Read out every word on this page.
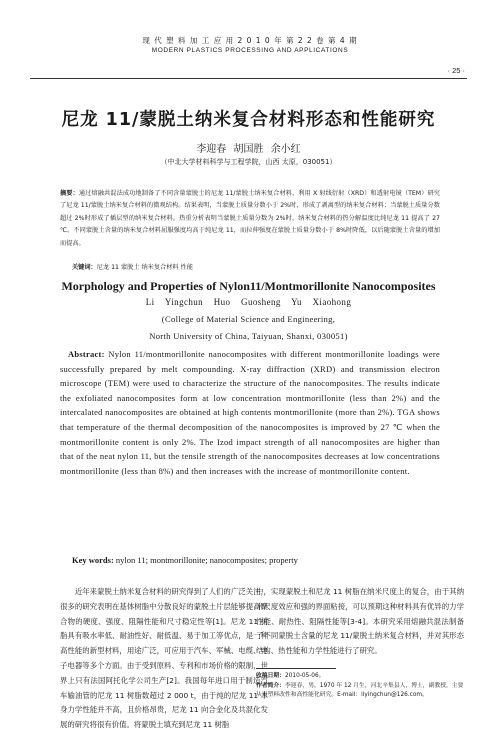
现 代 塑 料 加 工 应 用 2 0 1 0 年 第 2 2 卷 第 4 期
MODERN PLASTICS PROCESSING AND APPLICATIONS
· 25 ·
尼龙 11/蒙脱土纳米复合材料形态和性能研究
李迎春 胡国胜 余小红
（中北大学材料科学与工程学院，山西 太原，030051）
摘要：通过熔融共混法成功地制备了不同含量蒙脱土的尼龙 11/蒙脱土纳米复合材料，利用 X 射线衍射（XRD）和透射电镜（TEM）研究了尼龙 11/蒙脱土纳米复合材料的微观结构。结果表明，当蒙脱土质量分数小于 2%时，形成了剥离型的纳米复合材料；当蒙脱土质量分数超过 2%时形成了插层型的纳米复合材料。热重分析表明当蒙脱土质量分数为 2%时，纳米复合材料的热分解温度比纯尼龙 11 提高了 27 ℃。不同蒙脱土含量的纳米复合材料屈服强度均高于纯尼龙 11，而拉伸强度在蒙脱土质量分数小于 8%时降低，以后随蒙脱土含量的增加而提高。
关键词：尼龙 11 蒙脱土 纳米复合材料 性能
Morphology and Properties of Nylon11/Montmorillonite Nanocomposites
Li Yingchun Huo Guosheng Yu Xiaohong
(College of Material Science and Engineering,
North University of China, Taiyuan, Shanxi, 030051)
Abstract: Nylon 11/montmorillonite nanocomposites with different montmorillonite loadings were successfully prepared by melt compounding. X-ray diffraction (XRD) and transmission electron microscope (TEM) were used to characterize the structure of the nanocomposites. The results indicate the exfoliated nanocomposites form at low concentration montmorillonite (less than 2%) and the intercalated nanocomposites are obtained at high contents montmorillonite (more than 2%). TGA shows that temperature of the thermal decomposition of the nanocomposites is improved by 27 ℃ when the montmorillonite content is only 2%. The Izod impact strength of all nanocomposites are higher than that of the neat nylon 11, but the tensile strength of the nanocomposites decreases at low concentrations montmorillonite (less than 8%) and then increases with the increase of montmorillonite content.
Key words: nylon 11; montmorillonite; nanocomposites; property
近年来蒙脱土纳米复合材料的研究得到了人们的广泛关注，很多的研究表明在基体树脂中分散良好的蒙脱土片层能够提高聚合物的硬度、强度、阻隔性能和尺寸稳定性等[1]。尼龙 11 树脂具有吸水率低、耐油性好、耐低温、易于加工等优点，是一种高性能的新型材料，用途广泛，可应用于汽车、军械、电缆、电子电器等多个方面。由于受到原料、专利和市场价格的限制，世界上只有法国阿托化学公司生产[2]。我国每年进口用于制造汽车输油管的尼龙 11 树脂数超过 2 000 t，由于纯的尼龙 11 本身力学性能并不高，且价格昂贵，尼龙 11 向合金化及共混化发展的研究将很有价值。将蒙脱土填充到尼龙 11 树脂
中，实现蒙脱土和尼龙 11 树脂在纳米尺度上的复合，由于其纳米尺度效应和强的界面粘接，可以预期这种材料具有优异的力学性能、耐热性、阻隔性能等[3-4]。本研究采用熔融共混法制备了不同蒙脱土含量的尼龙 11/蒙脱土纳米复合材料，并对其形态结构、热性能和力学性能进行了研究。
收稿日期：2010-05-06。
作者简介：李迎春，男，1970 年 12 月生，河北辛集县人，博士，副教授，主要从事塑料改性和高性能化研究。E-mail：liyingchun@126.com。
